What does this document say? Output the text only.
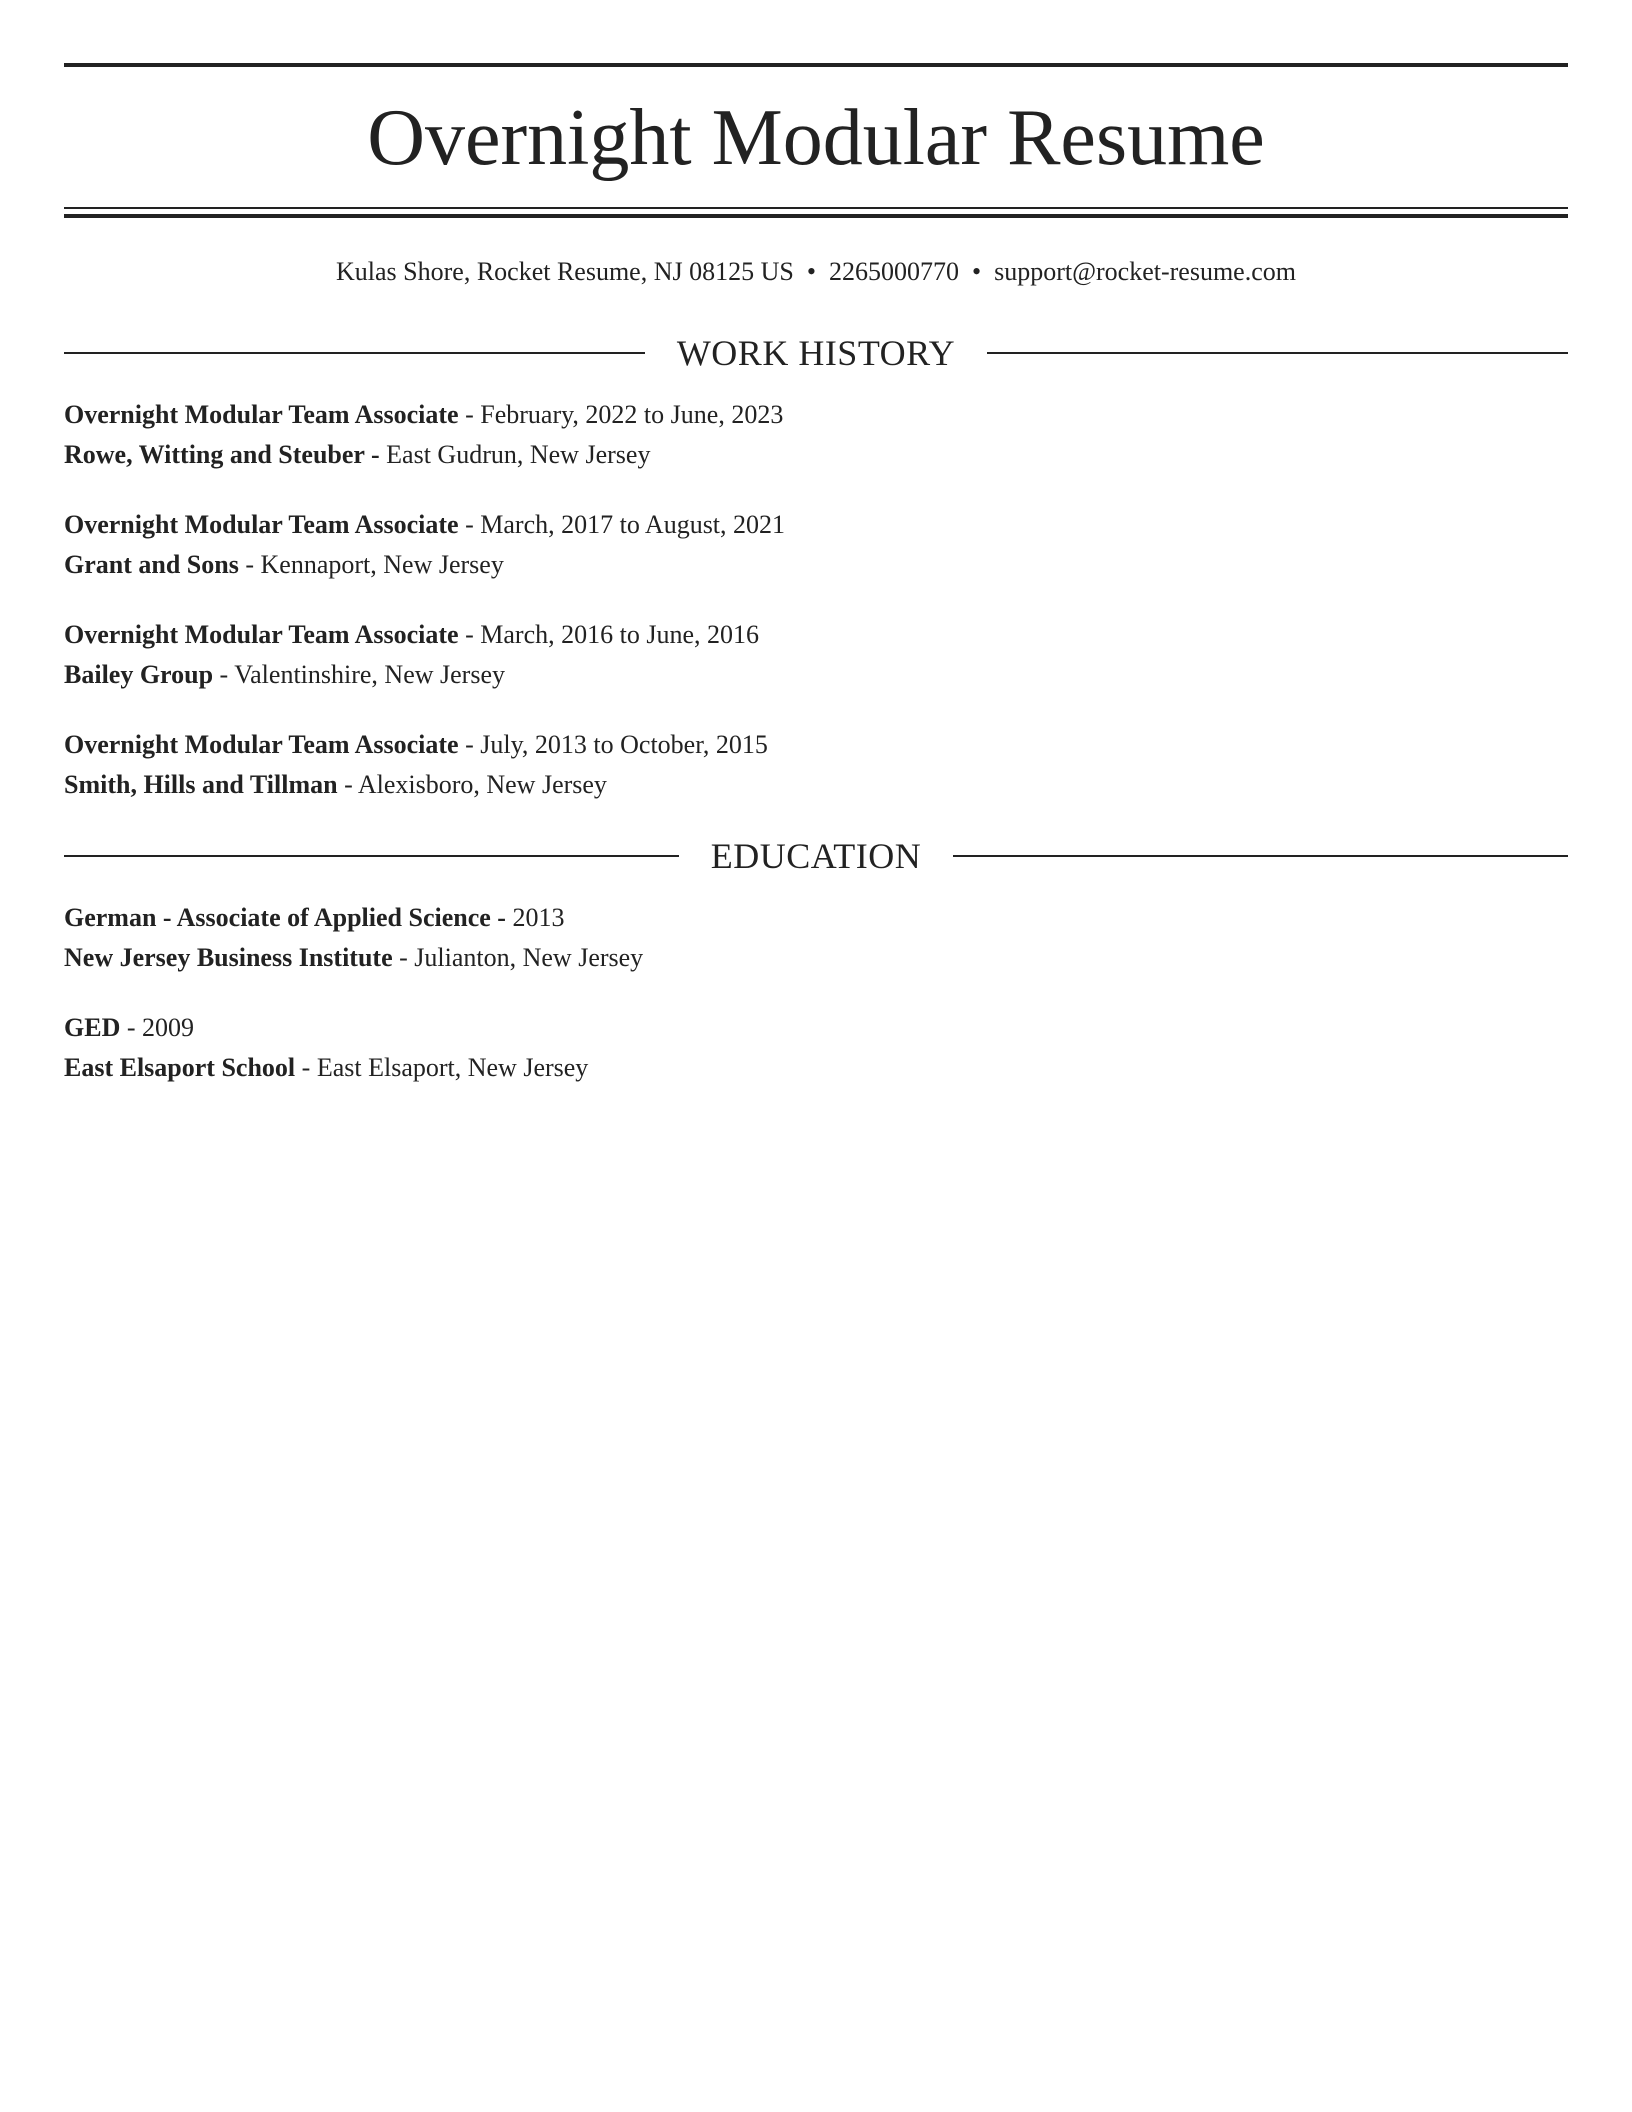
Overnight Modular Resume
Kulas Shore, Rocket Resume, NJ 08125 US • 2265000770 • support@rocket-resume.com
WORK HISTORY
Overnight Modular Team Associate - February, 2022 to June, 2023
Rowe, Witting and Steuber - East Gudrun, New Jersey
Overnight Modular Team Associate - March, 2017 to August, 2021
Grant and Sons - Kennaport, New Jersey
Overnight Modular Team Associate - March, 2016 to June, 2016
Bailey Group - Valentinshire, New Jersey
Overnight Modular Team Associate - July, 2013 to October, 2015
Smith, Hills and Tillman - Alexisboro, New Jersey
EDUCATION
German - Associate of Applied Science - 2013
New Jersey Business Institute - Julianton, New Jersey
GED - 2009
East Elsaport School - East Elsaport, New Jersey
